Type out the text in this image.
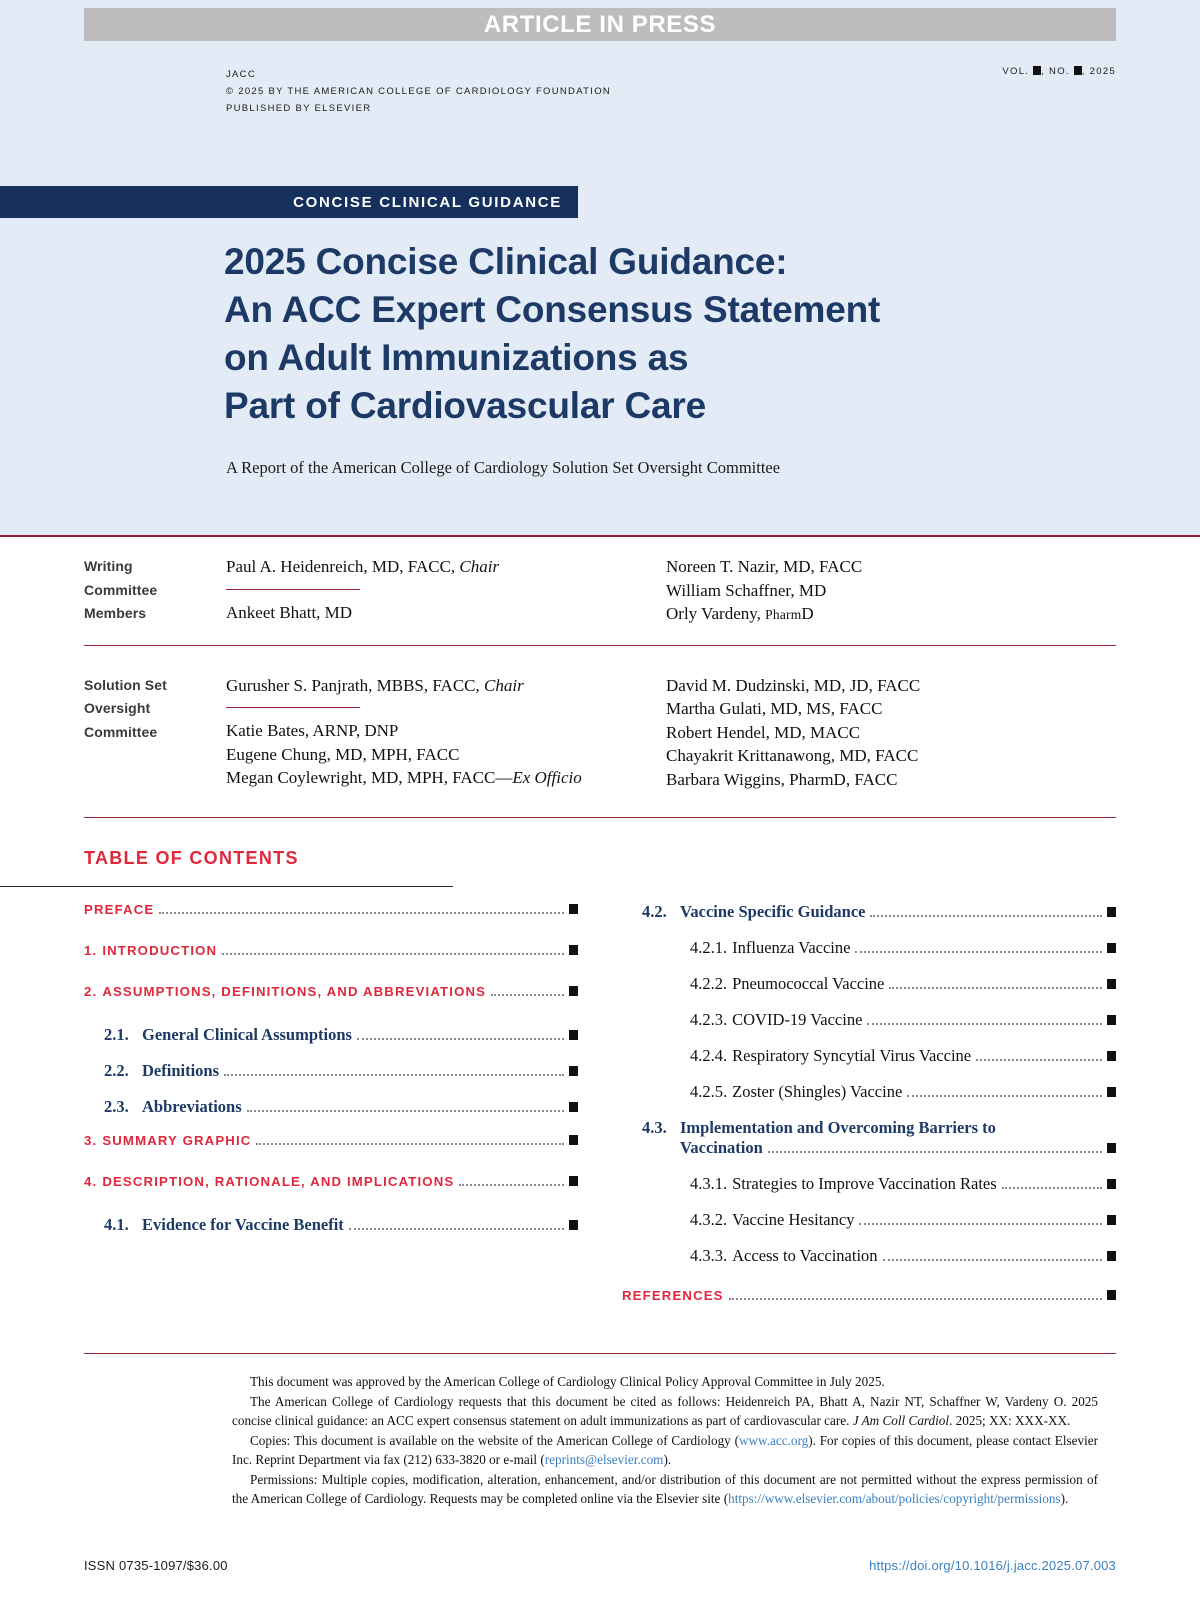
ARTICLE IN PRESS
JACC
© 2025 BY THE AMERICAN COLLEGE OF CARDIOLOGY FOUNDATION
PUBLISHED BY ELSEVIER
VOL. , NO. , 2025
CONCISE CLINICAL GUIDANCE
2025 Concise Clinical Guidance:
An ACC Expert Consensus Statement
on Adult Immunizations as
Part of Cardiovascular Care
A Report of the American College of Cardiology Solution Set Oversight Committee
Writing
Committee
Members
Paul A. Heidenreich, MD, FACC, Chair
Ankeet Bhatt, MD
Noreen T. Nazir, MD, FACC
William Schaffner, MD
Orly Vardeny, PharmD
Solution Set
Oversight
Committee
Gurusher S. Panjrath, MBBS, FACC, Chair
Katie Bates, ARNP, DNP
Eugene Chung, MD, MPH, FACC
Megan Coylewright, MD, MPH, FACC—Ex Officio
David M. Dudzinski, MD, JD, FACC
Martha Gulati, MD, MS, FACC
Robert Hendel, MD, MACC
Chayakrit Krittanawong, MD, FACC
Barbara Wiggins, PharmD, FACC
TABLE OF CONTENTS
PREFACE
1. INTRODUCTION
2. ASSUMPTIONS, DEFINITIONS, AND ABBREVIATIONS
2.1. General Clinical Assumptions
2.2. Definitions
2.3. Abbreviations
3. SUMMARY GRAPHIC
4. DESCRIPTION, RATIONALE, AND IMPLICATIONS
4.1. Evidence for Vaccine Benefit
4.2. Vaccine Specific Guidance
4.2.1. Influenza Vaccine
4.2.2. Pneumococcal Vaccine
4.2.3. COVID-19 Vaccine
4.2.4. Respiratory Syncytial Virus Vaccine
4.2.5. Zoster (Shingles) Vaccine
4.3. Implementation and Overcoming Barriers to
Vaccination
4.3.1. Strategies to Improve Vaccination Rates
4.3.2. Vaccine Hesitancy
4.3.3. Access to Vaccination
REFERENCES

This document was approved by the American College of Cardiology Clinical Policy Approval Committee in July 2025.

The American College of Cardiology requests that this document be cited as follows: Heidenreich PA, Bhatt A, Nazir NT, Schaffner W, Vardeny O. 2025 concise clinical guidance: an ACC expert consensus statement on adult immunizations as part of cardiovascular care. J Am Coll Cardiol. 2025; XX: XXX-XX.

Copies: This document is available on the website of the American College of Cardiology (www.acc.org). For copies of this document, please contact Elsevier Inc. Reprint Department via fax (212) 633-3820 or e-mail (reprints@elsevier.com).

Permissions: Multiple copies, modification, alteration, enhancement, and/or distribution of this document are not permitted without the express permission of the American College of Cardiology. Requests may be completed online via the Elsevier site (https://www.elsevier.com/about/policies/copyright/permissions).

ISSN 0735-1097/$36.00	https://doi.org/10.1016/j.jacc.2025.07.003
